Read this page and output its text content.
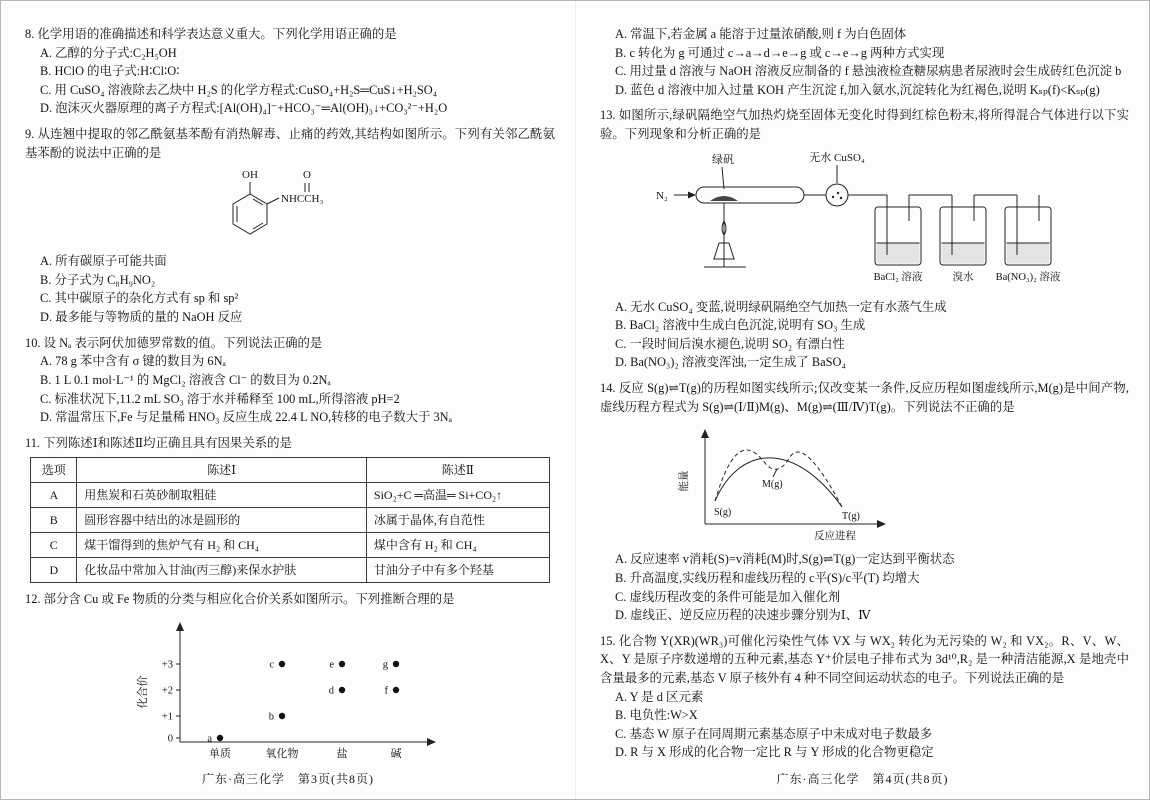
8. 化学用语的准确描述和科学表达意义重大。下列化学用语正确的是
A. 乙醇的分子式:C₂H₅OH
B. HClO 的电子式:H∶Cl∶O∶
C. 用 CuSO₄ 溶液除去乙炔中 H₂S 的化学方程式:CuSO₄+H₂S═CuS↓+H₂SO₄
D. 泡沫灭火器原理的离子方程式:[Al(OH)₄]⁻+HCO₃⁻═Al(OH)₃↓+CO₃²⁻+H₂O
9. 从连翘中提取的邻乙酰氨基苯酚有消热解毒、止痛的药效,其结构如图所示。下列有关邻乙酰氨基苯酚的说法中正确的是
OH
NHCCH₃
O
A. 所有碳原子可能共面
B. 分子式为 C₈H₉NO₂
C. 其中碳原子的杂化方式有 sp 和 sp²
D. 最多能与等物质的量的 NaOH 反应
10. 设 Nₐ 表示阿伏加德罗常数的值。下列说法正确的是
A. 78 g 苯中含有 σ 键的数目为 6Nₐ
B. 1 L 0.1 mol·L⁻¹ 的 MgCl₂ 溶液含 Cl⁻ 的数目为 0.2Nₐ
C. 标准状况下,11.2 mL SO₃ 溶于水并稀释至 100 mL,所得溶液 pH=2
D. 常温常压下,Fe 与足量稀 HNO₃ 反应生成 22.4 L NO,转移的电子数大于 3Nₐ
11. 下列陈述Ⅰ和陈述Ⅱ均正确且具有因果关系的是
选项	陈述Ⅰ	陈述Ⅱ
A	用焦炭和石英砂制取粗硅	SiO₂+C ═高温═ Si+CO₂↑
B	圆形容器中结出的冰是圆形的	冰属于晶体,有自范性
C	煤干馏得到的焦炉气有 H₂ 和 CH₄	煤中含有 H₂ 和 CH₄
D	化妆品中常加入甘油(丙三醇)来保水护肤	甘油分子中有多个羟基
12. 部分含 Cu 或 Fe 物质的分类与相应化合价关系如图所示。下列推断合理的是
化合价
+3
+2
+1
0
单质	氧化物	盐	碱
a
b
c
d
e
f
g
广东·高三化学　第3页(共8页)
A. 常温下,若金属 a 能溶于过量浓硝酸,则 f 为白色固体
B. c 转化为 g 可通过 c→a→d→e→g 或 c→e→g 两种方式实现
C. 用过量 d 溶液与 NaOH 溶液反应制备的 f 悬浊液检查糖尿病患者尿液时会生成砖红色沉淀 b
D. 蓝色 d 溶液中加入过量 KOH 产生沉淀 f,加入氨水,沉淀转化为红褐色,说明 Kₛₚ(f)<Kₛₚ(g)
13. 如图所示,绿矾隔绝空气加热灼烧至固体无变化时得到红棕色粉末,将所得混合气体进行以下实验。下列现象和分析正确的是
N₂
绿矾	无水 CuSO₄
BaCl₂ 溶液	溴水 Ba(NO₃)₂ 溶液
A. 无水 CuSO₄ 变蓝,说明绿矾隔绝空气加热一定有水蒸气生成
B. BaCl₂ 溶液中生成白色沉淀,说明有 SO₃ 生成
C. 一段时间后溴水褪色,说明 SO₂ 有漂白性
D. Ba(NO₃)₂ 溶液变浑浊,一定生成了 BaSO₄
14. 反应 S(g)⇌T(g)的历程如图实线所示;仅改变某一条件,反应历程如图虚线所示,M(g)是中间产物,虚线历程方程式为 S(g)⇌(Ⅰ/Ⅱ)M(g)、M(g)⇌(Ⅲ/Ⅳ)T(g)。下列说法不正确的是
能量
反应进程
S(g)
M(g)
T(g)
A. 反应速率 v消耗(S)=v消耗(M)时,S(g)⇌T(g)一定达到平衡状态
B. 升高温度,实线历程和虚线历程的 c平(S)/c平(T) 均增大
C. 虚线历程改变的条件可能是加入催化剂
D. 虚线正、逆反应历程的决速步骤分别为Ⅰ、Ⅳ
15. 化合物 Y(XR)(WR₃)可催化污染性气体 VX 与 WX₂ 转化为无污染的 W₂ 和 VX₂。R、V、W、X、Y 是原子序数递增的五种元素,基态 Y⁺价层电子排布式为 3d¹⁰,R₂ 是一种清洁能源,X 是地壳中含量最多的元素,基态 V 原子核外有 4 种不同空间运动状态的电子。下列说法正确的是
A. Y 是 d 区元素
B. 电负性:W>X
C. 基态 W 原子在同周期元素基态原子中未成对电子数最多
D. R 与 X 形成的化合物一定比 R 与 Y 形成的化合物更稳定
广东·高三化学　第4页(共8页)
